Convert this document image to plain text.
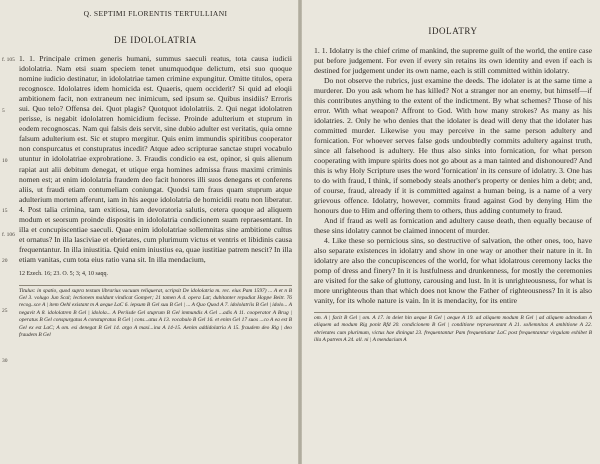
Q. SEPTIMI FLORENTIS TERTULLIANI
DE IDOLOLATRIA
f. 105
5
10
15
20
25
f. 106
30
1. 1. Principale crimen generis humani, summus saeculi reatus, tota causa iudicii idololatria. Nam etsi suam speciem tenet unumquodque delictum, etsi suo quoque nomine iudicio destinatur, in idololatriae tamen crimine expungitur. Omitte titulos, opera recognosce. Idololatres idem homicida est. Quaeris, quem occiderit? Si quid ad eloqii ambitionem facit, non extraneum nec inimicum, sed ipsum se. Quibus insidiis? Erroris sui. Quo telo? Offensa dei. Quot plagis? Quotquot idololatriis. 2. Qui negat idololatren perisse, is negabit idololatren homicidium fecisse. Proinde adulterium et stuprum in eodem recognoscas. Nam qui falsis deis servit, sine dubio adulter est veritatis, quia omne falsum adulterium est. Sic et stupro mergitur. Quis enim immundis spiritibus cooperator non conspurcatus et constupratus incedit? Atque adeo scripturae sanctae stupri vocabulo utuntur in idololatriae exprobratione. 3. Fraudis condicio ea est, opinor, si quis alienum rapiat aut alii debitum denegat, et utique erga homines admissa fraus maximi criminis nomen est; at enim idololatria fraudem deo facit honores illi suos denegans et conferens aliis, ut fraudi etiam contumeliam coniungat. Quodsi tam fraus quam stuprum atque adulterium mortem afferunt, iam in his aeque idololatria de homicidii reatu non liberatur. 4. Post talia crimina, tam exitiosa, tam devoratoria salutis, cetera quoque ad aliquem modum et seorsum proinde dispositis in idololatria condicionem suam repraesentant. In illa et concupiscentiae saeculi. Quae enim idololatriae sollemnitas sine ambitione cultus et ornatus? In illa lasciviae et ebrietates, cum plurimum victus et ventris et libidinis causa frequentantur. In illa iniustitia. Quid enim iniustius ea, quae iustitiae patrem nescit? In illa etiam vanitas, cum tota eius ratio vana sit. In illa mendacium,
12 Ezech. 16; 23. O. 5; 3; 4, 10 saqq.
Titulus: in spatio, quod supra textum librarius vacuum reliquerat, scripsit De idololatria m. rec. eius Pam 1597) ... A et n B Gel 3. volugo Jun Scal; lectionem maldunt vindicat Gomper; 21 tamen A 4. opera Lat; dubitanter repudiat Hoppe Beitr. 76 recog..sce A | item Oehl existant m A aeque LaC 6. iepsum B Gel suu B Gel | ... A Quo Quod A 7. idololatriis B Gel | idolo... A negavit A 8. idololatren B Gel | idolola... A Periisde Gel stuprum B Gel immundis A Gel ...adis A 11. cooperator A Brug | operatus B Gel conspurgatus A constupratus B Gel | cons...atus A 13. vocabulo B Gel 16. et enim Gel 17 suos ...co A ea est B Gel ex est LaC; A om. esi denegat B Gel 14. argo A maxi...ina A 14-15. Aenim addidolatria A 15. fraudem deo Rig | deo fraudem B Gel
IDOLATRY

1. 1. Idolatry is the chief crime of mankind, the supreme guilt of the world, the entire case put before judgement. For even if every sin retains its own identity and even if each is destined for judgement under its own name, each is still committed within idolatry.

Do not observe the rubrics, just examine the deeds. The idolater is at the same time a murderer. Do you ask whom he has killed? Not a stranger nor an enemy, but himself—if this contributes anything to the extent of the indictment. By what schemes? Those of his error. With what weapon? Affront to God. With how many strokes? As many as his idolatries. 2. Only he who denies that the idolater is dead will deny that the idolater has committed murder. Likewise you may perceive in the same person adultery and fornication. For whoever serves false gods undoubtedly commits adultery against truth, since all falsehood is adultery. He thus also sinks into fornication, for what person cooperating with impure spirits does not go about as a man tainted and dishonoured? And this is why Holy Scripture uses the word 'fornication' in its censure of idolatry. 3. One has to do with fraud, I think, if somebody steals another's property or denies him a debt; and, of course, fraud, already if it is committed against a human being, is a name of a very grievous offence. Idolatry, however, commits fraud against God by denying Him the honours due to Him and offering them to others, thus adding contumely to fraud.

And if fraud as well as fornication and adultery cause death, then equally because of these sins idolatry cannot be claimed innocent of murder.

4. Like these so pernicious sins, so destructive of salvation, the other ones, too, have also separate existences in idolatry and show in one way or another their nature in it. In idolatry are also the concupiscences of the world, for what idolatrous ceremony lacks the pomp of dress and finery? In it is lustfulness and drunkenness, for mostly the ceremonies are visited for the sake of gluttony, carousing and lust. In it is unrighteousness, for what is more unrighteous than that which does not know the Father of righteousness? In it is also vanity, for its whole nature is vain. In it is mendacity, for its entire

om. A | facit B Gel | om. A 17. in deiet hin aeque B Gel | aeque A 19. ad aliquem modum B Gel | ad aliquem admodum A aliquem ad modum Rig ponit Rfd 20. condicionem B Gel | conditione repraesentant A 21. sollemnitas A ambitione A 22. ebrietates cum plurimum, victus hae diningut 23. frequentantur Pam frequentiatur LaC post frequentantur virgulam exhibet B illa A patrem A 24. all. ni | A mendacium A
